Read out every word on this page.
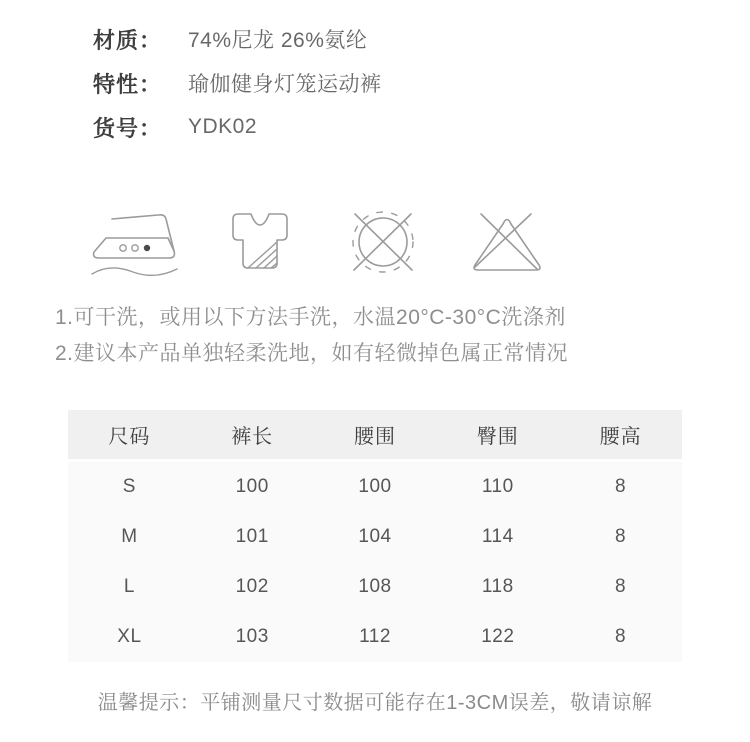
材质：	74%尼龙 26%氨纶
特性：	瑜伽健身灯笼运动裤
货号：	YDK02
1.可干洗，或用以下方法手洗，水温20°C-30°C洗涤剂
2.建议本产品单独轻柔洗地，如有轻微掉色属正常情况
尺码	裤长	腰围	臀围	腰高
S	100	100	110	8
M	101	104	114	8
L	102	108	118	8
XL	103	112	122	8
温馨提示：平铺测量尺寸数据可能存在1-3CM误差，敬请谅解
